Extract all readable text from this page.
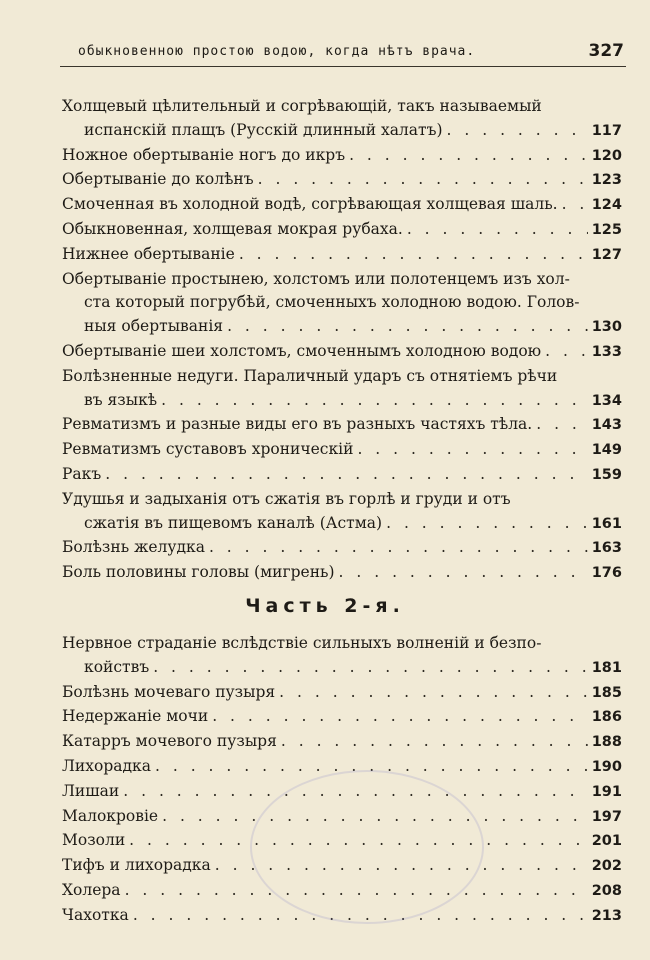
обыкновенною простою водою, когда нѣтъ врача.	327
Холщевый цѣлительный и согрѣвающій, такъ называемый
испанскій плащъ (Русскій длинный халатъ) . . .	117
Ножное обертываніе ногъ до икръ . . .	120
Обертываніе до колѣнъ . . .	123
Смоченная въ холодной водѣ, согрѣвающая холщевая шаль. . . . 124
Обыкновенная, холщевая мокрая рубаха. . . .	125
Нижнее обертываніе . . .	127
Обертываніе простынею, холстомъ или полотенцемъ изъ хол-
ста который погрубѣй, смоченныхъ холодною водою. Голов-
ныя обертыванія . . .	130
Обертываніе шеи холстомъ, смоченнымъ холодною водою . . .	133
Болѣзненные недуги. Параличный ударъ съ отнятіемъ рѣчи
въ языкѣ . . .	134
Ревматизмъ и разные виды его въ разныхъ частяхъ тѣла. . . .	143
Ревматизмъ суставовъ хроническій . . .	149
Ракъ . . .	159
Удушья и задыханія отъ сжатія въ горлѣ и груди и отъ
сжатія въ пищевомъ каналѣ (Астма) . . .	161
Болѣзнь желудка . . .	163
Боль половины головы (мигрень) . . .	176
Часть 2-я.
Нервное страданіе вслѣдствіе сильныхъ волненій и безпо-
койствъ . . .	181
Болѣзнь мочеваго пузыря . . .	185
Недержаніе мочи . . .	186
Катарръ мочевого пузыря . . .	188
Лихорадка . . .	190
Лишаи . . .	191
Малокровіе . . .	197
Мозоли . . .	201
Тифъ и лихорадка . . .	202
Холера . . .	208
Чахотка . . .	213
